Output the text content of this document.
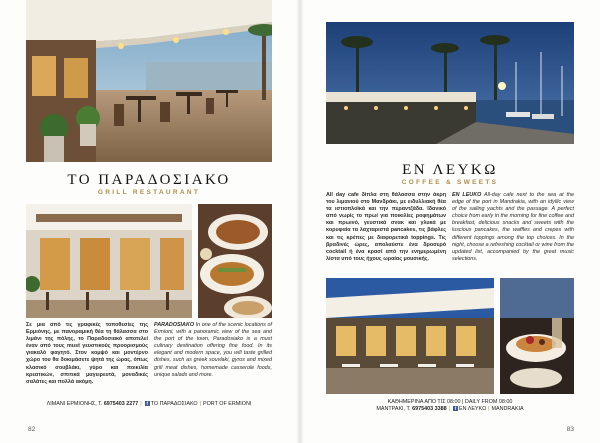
ΤΟ ΠΑΡΑΔΟΣΙΑΚΟ
GRILL RESTAURANT
Σε μια από τις γραφικές τοποθεσίες της Ερμιόνης, με πανοραμική θέα τη θάλασσα στο λιμάνι της πόλης, το Παραδοσιακό αποτελεί έναν από τους must γευστικούς προορισμούς γιακαλό φαγητό. Στον κομψό και μοντέρνο χώρο του θα δοκιμάσετε ψητά της ώρας, όπως κλασικό σουβλάκι, γύρο και ποικιλία κρεατικών, σπιτικά μαγειρευτά, μοναδικές σαλάτες και πολλά ακόμη.
PARADOSIAKO In one of the scenic locations of Ermioni, with a panoramic view of the sea and the port of the town, Paradosiako is a must culinary destination offering fine food. In its elegant and modern space, you will taste grilled dishes, such as greek souvlaki, gyros and mixed grill meat dishes, homemade casserole foods, unique salads and more.
ΛΙΜΑΝΙ ΕΡΜΙΟΝΗΣ, Τ. 6975403 2277 | f ΤΟ ΠΑΡΑΔΟΣΙΑΚΟ | PORT OF ERMIONI
82
ΕΝ ΛΕΥΚΩ
COFFEE & SWEETS
All day cafe δίπλα στη θάλασσα στην άκρη του λιμανιού στο Μανδράκι, με ειδυλλιακή θέα τα ιστιοπλοϊκά και την περαντζάδα. Ιδανικό από νωρίς το πρωί για ποικιλίες ροφημάτων και πρωινό, γευστικά σνακ και γλυκά με κορυφαία τα λαχταριστά pancakes, τις βάφλες και τις κρέπες με διαφορετικά toppings. Τις βραδινές ώρες, απολαύστε ένα δροσερό cocktail ή ένα κρασί από την ενημερωμένη λίστα υπό τους ήχους ωραίας μουσικής.
EN LEUKO All-day cafe next to the sea at the edge of the port in Mandrakia, with an idyllic view of the sailing yachts and the passage. A perfect choice from early in the morning for fine coffee and breakfast, delicious snacks and sweets with the luscious pancakes, the waffles and crepes with different toppings among the top choices. In the night, choose a refreshing cocktail or wine from the updated list, accompanied by the great music selections.
ΚΑΘΗΜΕΡΙΝΑ ΑΠΟ ΤΙΣ 08:00 | DAILY FROM 08:00
ΜΑΝΤΡΑΚΙ, Τ. 6975403 3388 | f ΕΝ ΛΕΥΚΩ | MANDRAKIA
83
